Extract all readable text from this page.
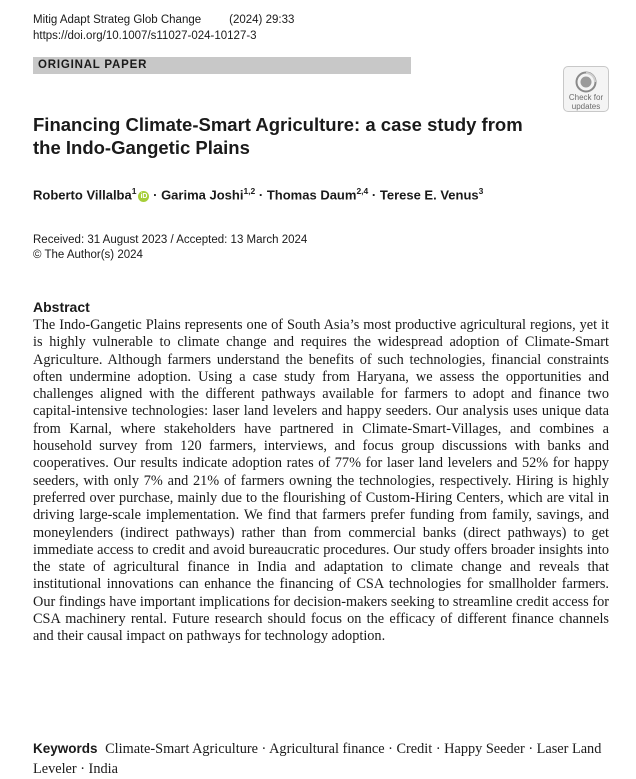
Mitig Adapt Strateg Glob Change (2024) 29:33
https://doi.org/10.1007/s11027-024-10127-3
ORIGINAL PAPER
Check for
updates
Financing Climate-Smart Agriculture: a case study from the Indo-Gangetic Plains
Roberto Villalba$^1$iD · Garima Joshi$^{1,2}$ · Thomas Daum$^{2,4}$ · Terese E. Venus$^3$
Received: 31 August 2023 / Accepted: 13 March 2024
© The Author(s) 2024
Abstract

The Indo-Gangetic Plains represents one of South Asia’s most productive agricultural regions, yet it is highly vulnerable to climate change and requires the widespread adoption of Climate-Smart Agriculture. Although farmers understand the benefits of such technologies, financial constraints often undermine adoption. Using a case study from Haryana, we assess the opportunities and challenges aligned with the different pathways available for farmers to adopt and finance two capital-intensive technologies: laser land levelers and happy seeders. Our analysis uses unique data from Karnal, where stakeholders have partnered in Climate-Smart-Villages, and combines a household survey from 120 farmers, interviews, and focus group discussions with banks and cooperatives. Our results indicate adoption rates of 77% for laser land levelers and 52% for happy seeders, with only 7% and 21% of farmers owning the technologies, respectively. Hiring is highly preferred over purchase, mainly due to the flourishing of Custom-Hiring Centers, which are vital in driving large-scale implementation. We find that farmers prefer funding from family, savings, and moneylenders (indirect pathways) rather than from commercial banks (direct pathways) to get immediate access to credit and avoid bureaucratic procedures. Our study offers broader insights into the state of agricultural finance in India and adaptation to climate change and reveals that institutional innovations can enhance the financing of CSA technologies for smallholder farmers. Our findings have important implications for decision-makers seeking to streamline credit access for CSA machinery rental. Future research should focus on the efficacy of different finance channels and their causal impact on pathways for technology adoption.

Keywords Climate-Smart Agriculture · Agricultural finance · Credit · Happy Seeder · Laser Land Leveler · India
